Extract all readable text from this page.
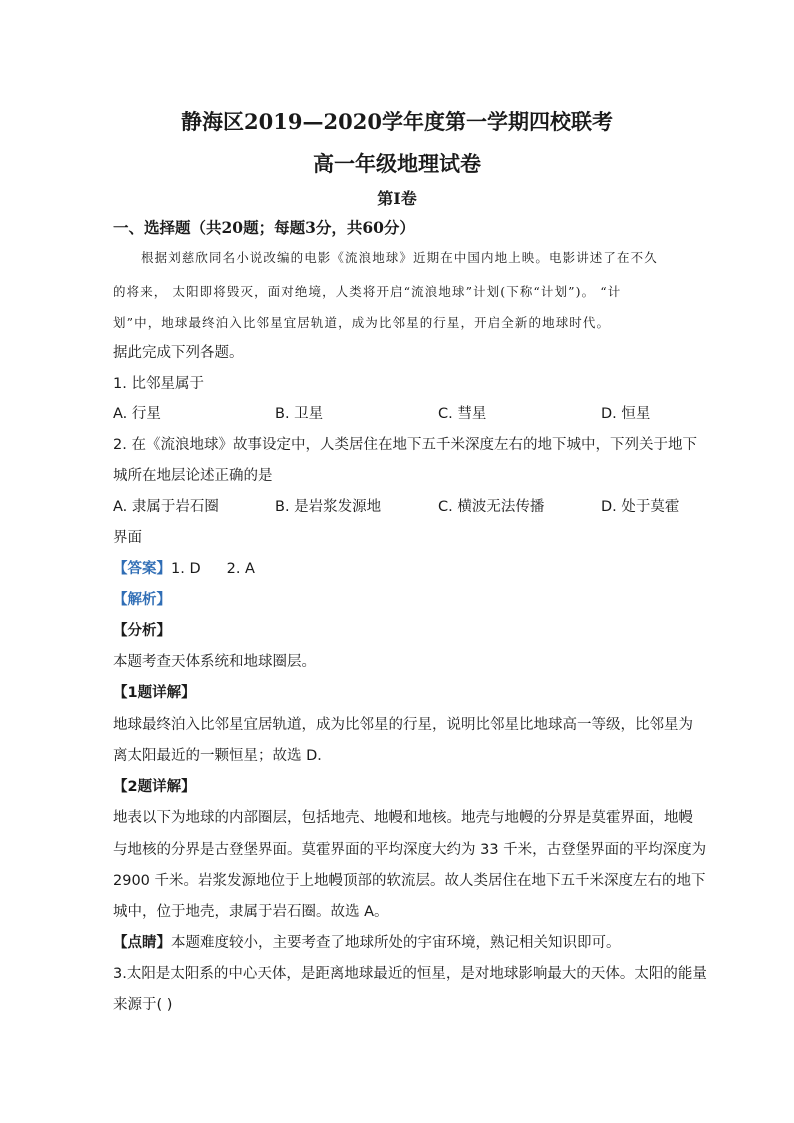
静海区2019—2020学年度第一学期四校联考
高一年级地理试卷
第Ⅰ卷
一、选择题（共20题；每题3分，共60分）
根据刘慈欣同名小说改编的电影《流浪地球》近期在中国内地上映。电影讲述了在不久
的将来， 太阳即将毁灭，面对绝境，人类将开启“流浪地球”计划(下称“计划”)。 “计
划”中，地球最终泊入比邻星宜居轨道，成为比邻星的行星，开启全新的地球时代。
据此完成下列各题。
1. 比邻星属于
A. 行星	B. 卫星	C. 彗星	D. 恒星
2. 在《流浪地球》故事设定中，人类居住在地下五千米深度左右的地下城中，下列关于地下
城所在地层论述正确的是
A. 隶属于岩石圈	B. 是岩浆发源地	C. 横波无法传播	D. 处于莫霍
界面
【答案】1. D 2. A
【解析】
【分析】
本题考查天体系统和地球圈层。
【1题详解】
地球最终泊入比邻星宜居轨道，成为比邻星的行星，说明比邻星比地球高一等级，比邻星为
离太阳最近的一颗恒星；故选 D．
【2题详解】
地表以下为地球的内部圈层，包括地壳、地幔和地核。地壳与地幔的分界是莫霍界面，地幔
与地核的分界是古登堡界面。莫霍界面的平均深度大约为 33 千米，古登堡界面的平均深度为
2900 千米。岩浆发源地位于上地幔顶部的软流层。故人类居住在地下五千米深度左右的地下
城中，位于地壳，隶属于岩石圈。故选 A。
【点睛】本题难度较小，主要考查了地球所处的宇宙环境，熟记相关知识即可。
3.太阳是太阳系的中心天体，是距离地球最近的恒星，是对地球影响最大的天体。太阳的能量
来源于( )
